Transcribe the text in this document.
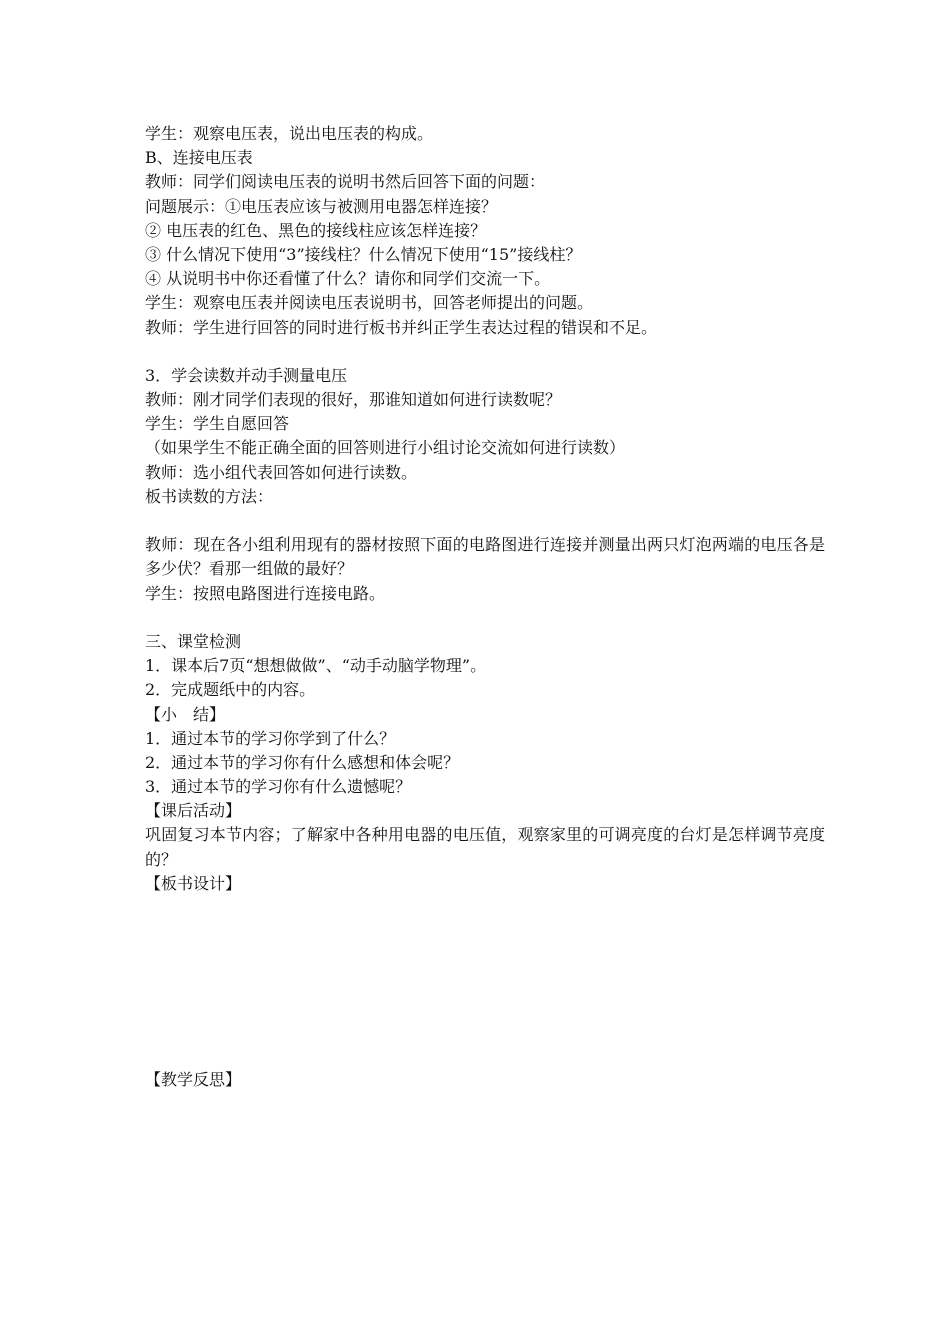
学生：观察电压表，说出电压表的构成。

B、连接电压表

教师：同学们阅读电压表的说明书然后回答下面的问题：

问题展示：①电压表应该与被测用电器怎样连接？

② 电压表的红色、黑色的接线柱应该怎样连接？

③ 什么情况下使用“3”接线柱？什么情况下使用“15”接线柱？

④ 从说明书中你还看懂了什么？请你和同学们交流一下。

学生：观察电压表并阅读电压表说明书，回答老师提出的问题。

教师：学生进行回答的同时进行板书并纠正学生表达过程的错误和不足。

3．学会读数并动手测量电压

教师：刚才同学们表现的很好，那谁知道如何进行读数呢？

学生：学生自愿回答

（如果学生不能正确全面的回答则进行小组讨论交流如何进行读数）

教师：选小组代表回答如何进行读数。

板书读数的方法：

教师：现在各小组利用现有的器材按照下面的电路图进行连接并测量出两只灯泡两端的电压各是多少伏？看那一组做的最好？

学生：按照电路图进行连接电路。

三、课堂检测

1．课本后7页“想想做做”、“动手动脑学物理”。

2．完成题纸中的内容。

【小　结】

1．通过本节的学习你学到了什么？

2．通过本节的学习你有什么感想和体会呢？

3．通过本节的学习你有什么遗憾呢？

【课后活动】

巩固复习本节内容；了解家中各种用电器的电压值，观察家里的可调亮度的台灯是怎样调节亮度的？

【板书设计】

【教学反思】
